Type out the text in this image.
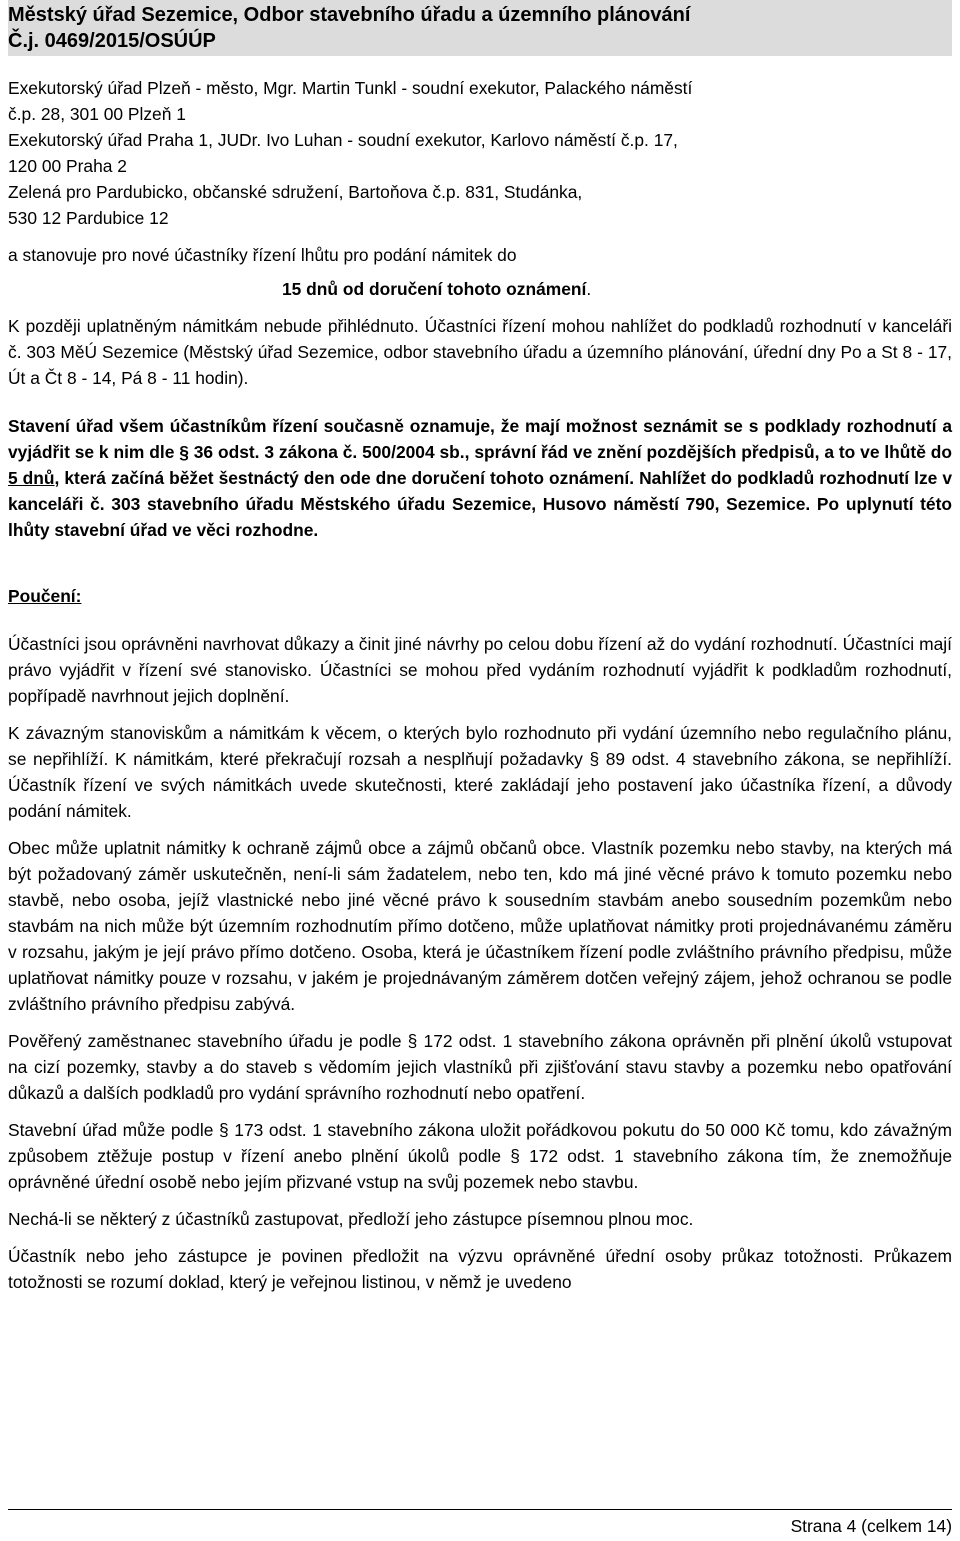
Městský úřad Sezemice, Odbor stavebního úřadu a územního plánování
Č.j. 0469/2015/OSÚÚP

Exekutorský úřad Plzeň - město, Mgr. Martin Tunkl - soudní exekutor, Palackého náměstí

č.p. 28, 301 00 Plzeň 1

Exekutorský úřad Praha 1, JUDr. Ivo Luhan - soudní exekutor, Karlovo náměstí č.p. 17,

120 00 Praha 2

Zelená pro Pardubicko, občanské sdružení, Bartoňova č.p. 831, Studánka,

530 12 Pardubice 12

a stanovuje pro nové účastníky řízení lhůtu pro podání námitek do

15 dnů od doručení tohoto oznámení.

K později uplatněným námitkám nebude přihlédnuto. Účastníci řízení mohou nahlížet do podkladů rozhodnutí v kanceláři č. 303 MěÚ Sezemice (Městský úřad Sezemice, odbor stavebního úřadu a územního plánování, úřední dny Po a St 8 - 17, Út a Čt 8 - 14, Pá 8 - 11 hodin).

Stavení úřad všem účastníkům řízení současně oznamuje, že mají možnost seznámit se s podklady rozhodnutí a vyjádřit se k nim dle § 36 odst. 3 zákona č. 500/2004 sb., správní řád ve znění pozdějších předpisů, a to ve lhůtě do 5 dnů, která začíná běžet šestnáctý den ode dne doručení tohoto oznámení. Nahlížet do podkladů rozhodnutí lze v kanceláři č. 303 stavebního úřadu Městského úřadu Sezemice, Husovo náměstí 790, Sezemice. Po uplynutí této lhůty stavební úřad ve věci rozhodne.

Poučení:

Účastníci jsou oprávněni navrhovat důkazy a činit jiné návrhy po celou dobu řízení až do vydání rozhodnutí. Účastníci mají právo vyjádřit v řízení své stanovisko. Účastníci se mohou před vydáním rozhodnutí vyjádřit k podkladům rozhodnutí, popřípadě navrhnout jejich doplnění.

K závazným stanoviskům a námitkám k věcem, o kterých bylo rozhodnuto při vydání územního nebo regulačního plánu, se nepřihlíží. K námitkám, které překračují rozsah a nesplňují požadavky § 89 odst. 4 stavebního zákona, se nepřihlíží. Účastník řízení ve svých námitkách uvede skutečnosti, které zakládají jeho postavení jako účastníka řízení, a důvody podání námitek.

Obec může uplatnit námitky k ochraně zájmů obce a zájmů občanů obce. Vlastník pozemku nebo stavby, na kterých má být požadovaný záměr uskutečněn, není-li sám žadatelem, nebo ten, kdo má jiné věcné právo k tomuto pozemku nebo stavbě, nebo osoba, jejíž vlastnické nebo jiné věcné právo k sousedním stavbám anebo sousedním pozemkům nebo stavbám na nich může být územním rozhodnutím přímo dotčeno, může uplatňovat námitky proti projednávanému záměru v rozsahu, jakým je její právo přímo dotčeno. Osoba, která je účastníkem řízení podle zvláštního právního předpisu, může uplatňovat námitky pouze v rozsahu, v jakém je projednávaným záměrem dotčen veřejný zájem, jehož ochranou se podle zvláštního právního předpisu zabývá.

Pověřený zaměstnanec stavebního úřadu je podle § 172 odst. 1 stavebního zákona oprávněn při plnění úkolů vstupovat na cizí pozemky, stavby a do staveb s vědomím jejich vlastníků při zjišťování stavu stavby a pozemku nebo opatřování důkazů a dalších podkladů pro vydání správního rozhodnutí nebo opatření.

Stavební úřad může podle § 173 odst. 1 stavebního zákona uložit pořádkovou pokutu do 50 000 Kč tomu, kdo závažným způsobem ztěžuje postup v řízení anebo plnění úkolů podle § 172 odst. 1 stavebního zákona tím, že znemožňuje oprávněné úřední osobě nebo jejím přizvané vstup na svůj pozemek nebo stavbu.

Nechá-li se některý z účastníků zastupovat, předloží jeho zástupce písemnou plnou moc.

Účastník nebo jeho zástupce je povinen předložit na výzvu oprávněné úřední osoby průkaz totožnosti. Průkazem totožnosti se rozumí doklad, který je veřejnou listinou, v němž je uvedeno

Strana 4 (celkem 14)
